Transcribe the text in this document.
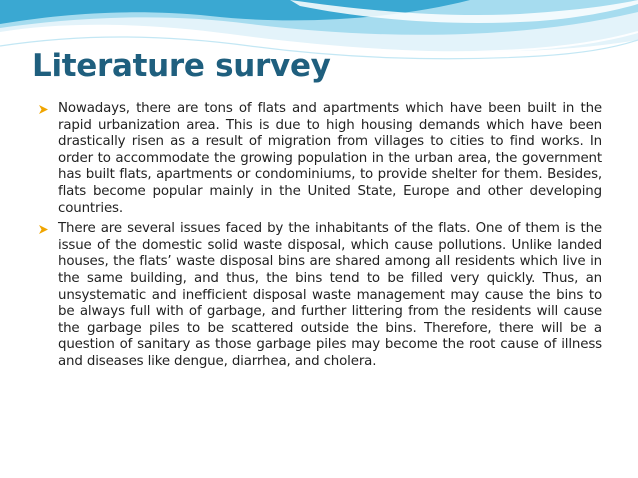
Literature survey
Nowadays, there are tons of flats and apartments which have been built in the rapid urbanization area. This is due to high housing demands which have been drastically risen as a result of migration from villages to cities to find works. In order to accommodate the growing population in the urban area, the government has built flats, apartments or condominiums, to provide shelter for them. Besides, flats become popular mainly in the United State, Europe and other developing countries.
There are several issues faced by the inhabitants of the flats. One of them is the issue of the domestic solid waste disposal, which cause pollutions. Unlike landed houses, the flats’ waste disposal bins are shared among all residents which live in the same building, and thus, the bins tend to be filled very quickly. Thus, an unsystematic and inefficient disposal waste management may cause the bins to be always full with of garbage, and further littering from the residents will cause the garbage piles to be scattered outside the bins. Therefore, there will be a question of sanitary as those garbage piles may become the root cause of illness and diseases like dengue, diarrhea, and cholera.
